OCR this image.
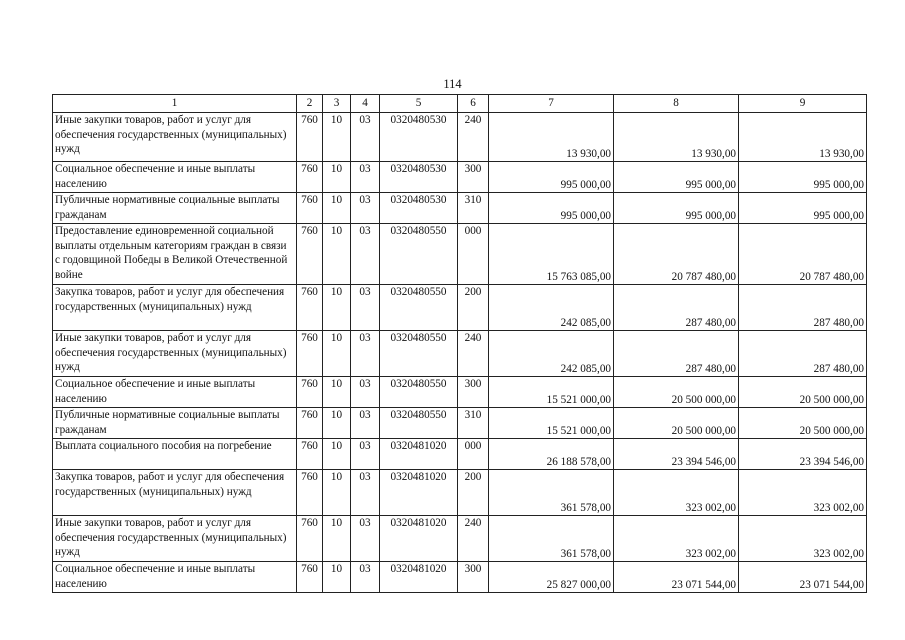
114
1	2	3	4	5	6	7	8	9
Иные закупки товаров, работ и услуг для обеспечения государственных (муниципальных) нужд	760	10	03	0320480530	240	13 930,00	13 930,00	13 930,00
Социальное обеспечение и иные выплаты населению	760	10	03	0320480530	300	995 000,00	995 000,00	995 000,00
Публичные нормативные социальные выплаты гражданам	760	10	03	0320480530	310	995 000,00	995 000,00	995 000,00
Предоставление единовременной социальной выплаты отдельным категориям граждан в связи с годовщиной Победы в Великой Отечественной войне	760	10	03	0320480550	000	15 763 085,00	20 787 480,00	20 787 480,00
Закупка товаров, работ и услуг для обеспечения государственных (муниципальных) нужд	760	10	03	0320480550	200	242 085,00	287 480,00	287 480,00
Иные закупки товаров, работ и услуг для обеспечения государственных (муниципальных) нужд	760	10	03	0320480550	240	242 085,00	287 480,00	287 480,00
Социальное обеспечение и иные выплаты населению	760	10	03	0320480550	300	15 521 000,00	20 500 000,00	20 500 000,00
Публичные нормативные социальные выплаты гражданам	760	10	03	0320480550	310	15 521 000,00	20 500 000,00	20 500 000,00
Выплата социального пособия на погребение	760	10	03	0320481020	000	26 188 578,00	23 394 546,00	23 394 546,00
Закупка товаров, работ и услуг для обеспечения государственных (муниципальных) нужд	760	10	03	0320481020	200	361 578,00	323 002,00	323 002,00
Иные закупки товаров, работ и услуг для обеспечения государственных (муниципальных) нужд	760	10	03	0320481020	240	361 578,00	323 002,00	323 002,00
Социальное обеспечение и иные выплаты населению	760	10	03	0320481020	300	25 827 000,00	23 071 544,00	23 071 544,00
